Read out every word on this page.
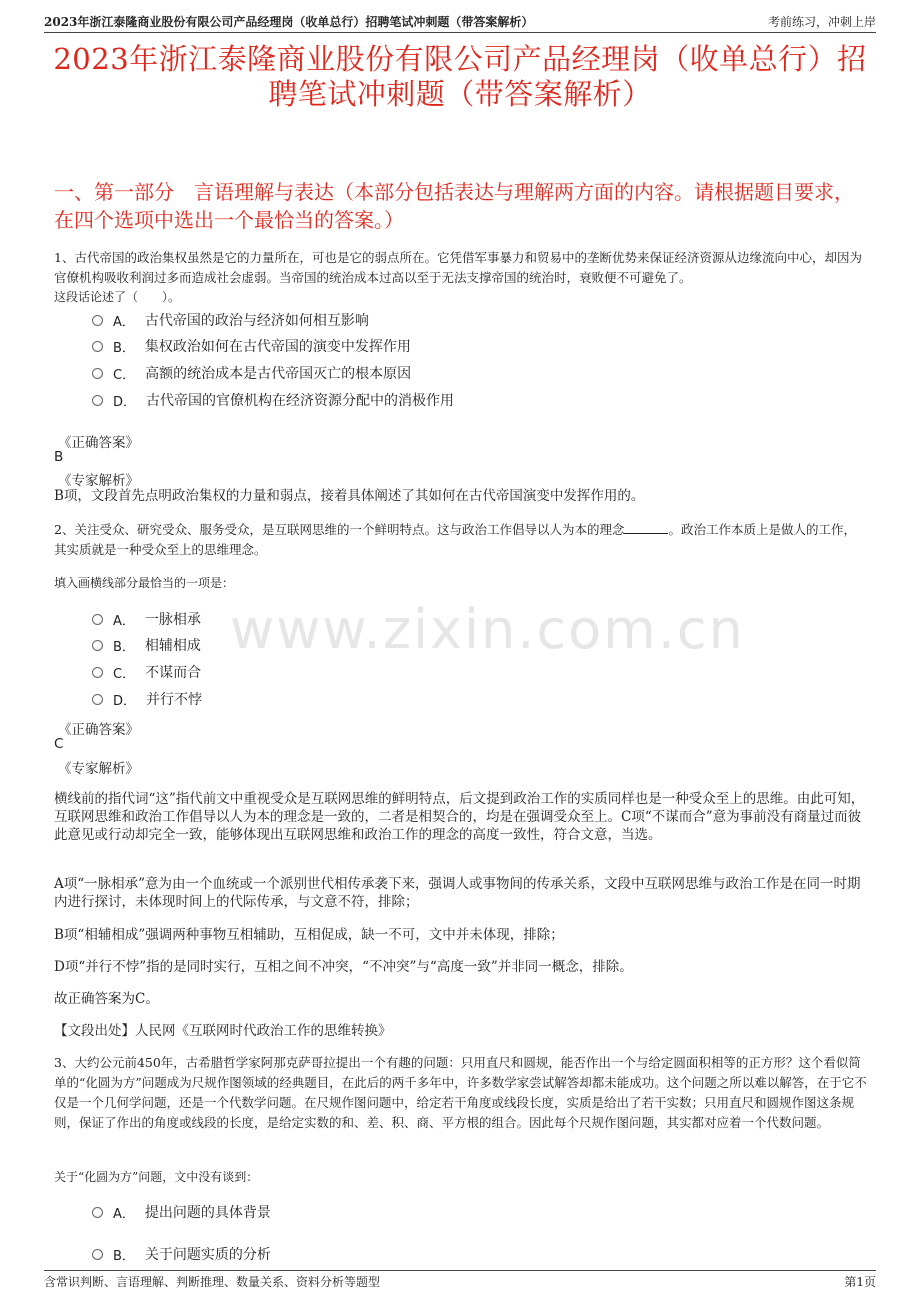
2023年浙江泰隆商业股份有限公司产品经理岗（收单总行）招聘笔试冲刺题（带答案解析）	考前练习，冲刺上岸
2023年浙江泰隆商业股份有限公司产品经理岗（收单总行）招聘笔试冲刺题（带答案解析）
一、第一部分　言语理解与表达（本部分包括表达与理解两方面的内容。请根据题目要求，在四个选项中选出一个最恰当的答案。）
1、古代帝国的政治集权虽然是它的力量所在，可也是它的弱点所在。它凭借军事暴力和贸易中的垄断优势来保证经济资源从边缘流向中心，却因为官僚机构吸收利润过多而造成社会虚弱。当帝国的统治成本过高以至于无法支撑帝国的统治时，衰败便不可避免了。
这段话论述了（　　）。
A． 古代帝国的政治与经济如何相互影响
B． 集权政治如何在古代帝国的演变中发挥作用
C． 高额的统治成本是古代帝国灭亡的根本原因
D． 古代帝国的官僚机构在经济资源分配中的消极作用
《正确答案》
B
《专家解析》
B项，文段首先点明政治集权的力量和弱点，接着具体阐述了其如何在古代帝国演变中发挥作用的。
2、关注受众、研究受众、服务受众，是互联网思维的一个鲜明特点。这与政治工作倡导以人为本的理念	。政治工作本质上是做人的工作，其实质就是一种受众至上的思维理念。
填入画横线部分最恰当的一项是：
A． 一脉相承
B． 相辅相成
C． 不谋而合
D． 并行不悖
www.zixin.com.cn
《正确答案》
C
《专家解析》
横线前的指代词“这”指代前文中重视受众是互联网思维的鲜明特点，后文提到政治工作的实质同样也是一种受众至上的思维。由此可知，互联网思维和政治工作倡导以人为本的理念是一致的，二者是相契合的，均是在强调受众至上。C项“不谋而合”意为事前没有商量过而彼此意见或行动却完全一致，能够体现出互联网思维和政治工作的理念的高度一致性，符合文意，当选。
A项“一脉相承”意为由一个血统或一个派别世代相传承袭下来，强调人或事物间的传承关系，文段中互联网思维与政治工作是在同一时期内进行探讨，未体现时间上的代际传承，与文意不符，排除；
B项“相辅相成”强调两种事物互相辅助，互相促成，缺一不可，文中并未体现，排除；
D项“并行不悖”指的是同时实行，互相之间不冲突，“不冲突”与“高度一致”并非同一概念，排除。
故正确答案为C。
【文段出处】人民网《互联网时代政治工作的思维转换》
3、大约公元前450年，古希腊哲学家阿那克萨哥拉提出一个有趣的问题：只用直尺和圆规，能否作出一个与给定圆面积相等的正方形？这个看似简单的“化圆为方”问题成为尺规作图领域的经典题目，在此后的两千多年中，许多数学家尝试解答却都未能成功。这个问题之所以难以解答，在于它不仅是一个几何学问题，还是一个代数学问题。在尺规作图问题中，给定若干角度或线段长度，实质是给出了若干实数；只用直尺和圆规作图这条规则，保证了作出的角度或线段的长度，是给定实数的和、差、积、商、平方根的组合。因此每个尺规作图问题，其实都对应着一个代数问题。
关于“化圆为方”问题，文中没有谈到：
A． 提出问题的具体背景
B． 关于问题实质的分析
含常识判断、言语理解、判断推理、数量关系、资料分析等题型	第1页
